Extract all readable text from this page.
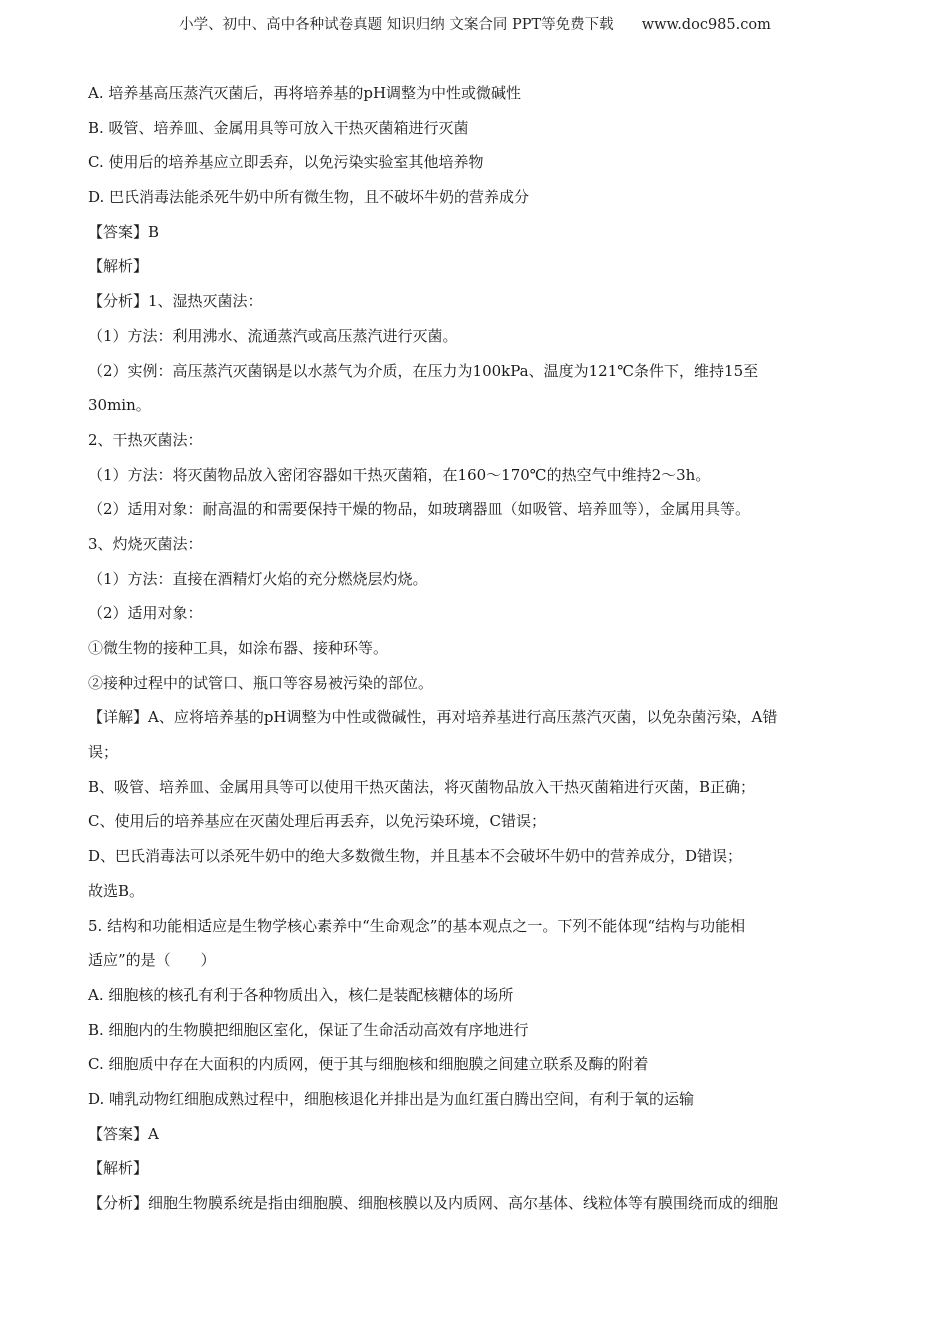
小学、初中、高中各种试卷真题 知识归纳 文案合同 PPT等免费下载 www.doc985.com
A. 培养基高压蒸汽灭菌后，再将培养基的pH调整为中性或微碱性
B. 吸管、培养皿、金属用具等可放入干热灭菌箱进行灭菌
C. 使用后的培养基应立即丢弃，以免污染实验室其他培养物
D. 巴氏消毒法能杀死牛奶中所有微生物，且不破坏牛奶的营养成分
【答案】B
【解析】
【分析】1、湿热灭菌法：
（1）方法：利用沸水、流通蒸汽或高压蒸汽进行灭菌。
（2）实例：高压蒸汽灭菌锅是以水蒸气为介质，在压力为100kPa、温度为121℃条件下，维持15至
30min。
2、干热灭菌法：
（1）方法：将灭菌物品放入密闭容器如干热灭菌箱，在160～170℃的热空气中维持2～3h。
（2）适用对象：耐高温的和需要保持干燥的物品，如玻璃器皿（如吸管、培养皿等），金属用具等。
3、灼烧灭菌法：
（1）方法：直接在酒精灯火焰的充分燃烧层灼烧。
（2）适用对象：
①微生物的接种工具，如涂布器、接种环等。
②接种过程中的试管口、瓶口等容易被污染的部位。
【详解】A、应将培养基的pH调整为中性或微碱性，再对培养基进行高压蒸汽灭菌，以免杂菌污染，A错
误；
B、吸管、培养皿、金属用具等可以使用干热灭菌法，将灭菌物品放入干热灭菌箱进行灭菌，B正确；
C、使用后的培养基应在灭菌处理后再丢弃，以免污染环境，C错误；
D、巴氏消毒法可以杀死牛奶中的绝大多数微生物，并且基本不会破坏牛奶中的营养成分，D错误；
故选B。
5. 结构和功能相适应是生物学核心素养中“生命观念”的基本观点之一。下列不能体现“结构与功能相
适应”的是（　　）
A. 细胞核的核孔有利于各种物质出入，核仁是装配核糖体的场所
B. 细胞内的生物膜把细胞区室化，保证了生命活动高效有序地进行
C. 细胞质中存在大面积的内质网，便于其与细胞核和细胞膜之间建立联系及酶的附着
D. 哺乳动物红细胞成熟过程中，细胞核退化并排出是为血红蛋白腾出空间，有利于氧的运输
【答案】A
【解析】
【分析】细胞生物膜系统是指由细胞膜、细胞核膜以及内质网、高尔基体、线粒体等有膜围绕而成的细胞
